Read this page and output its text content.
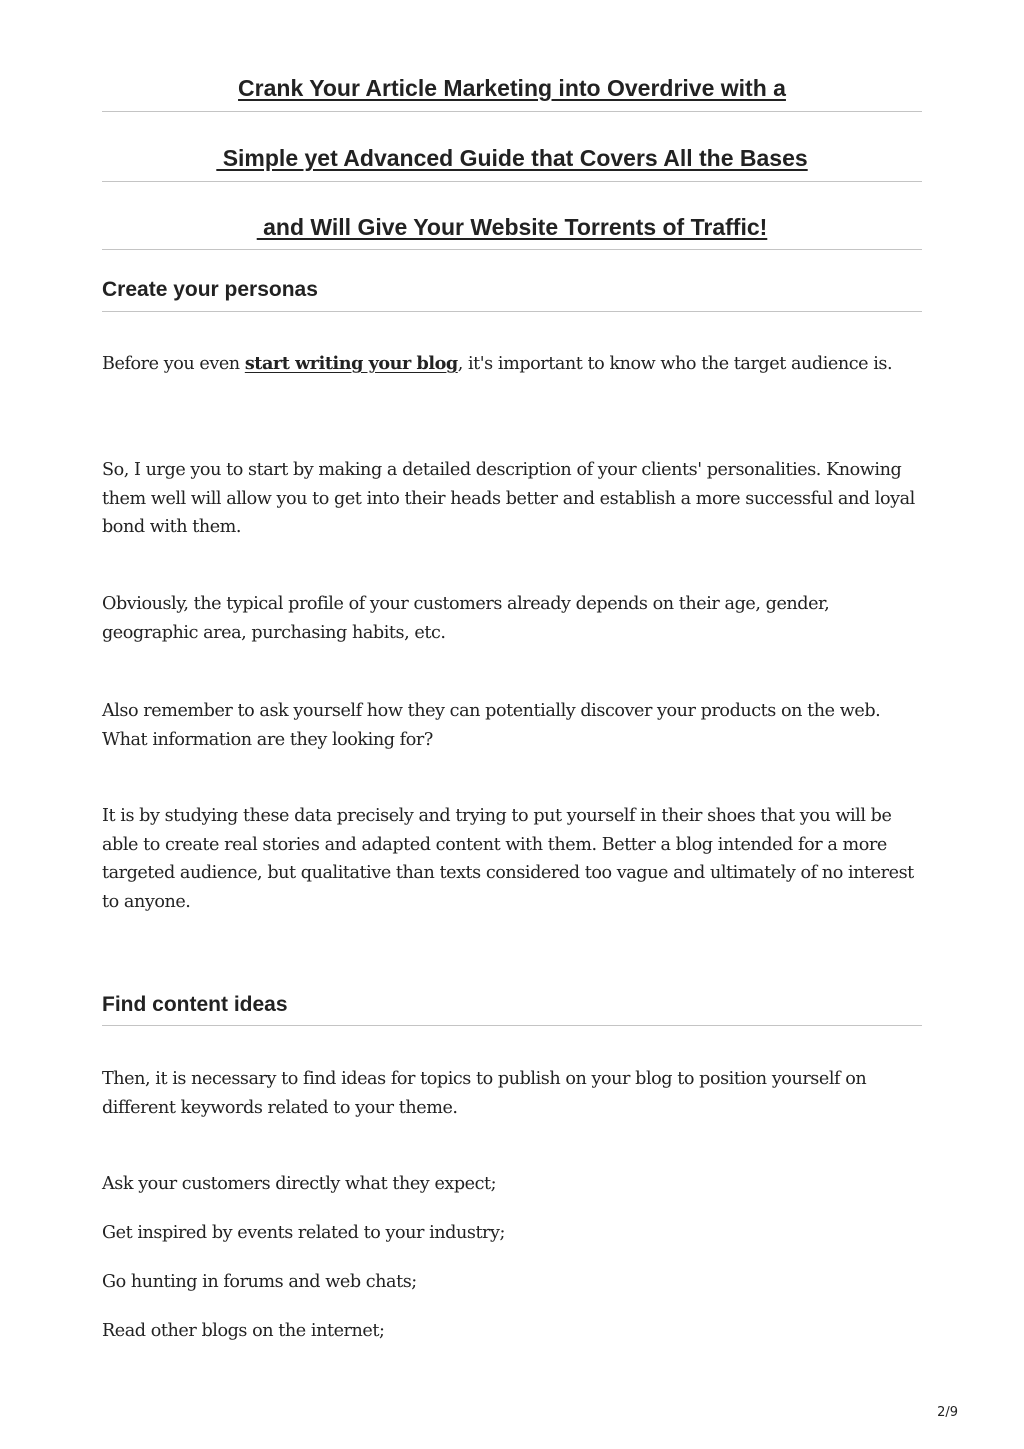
Crank Your Article Marketing into Overdrive with a
Simple yet Advanced Guide that Covers All the Bases
and Will Give Your Website Torrents of Traffic!
Create your personas

Before you even start writing your blog, it's important to know who the target audience is.

So, I urge you to start by making a detailed description of your clients' personalities. Knowing them well will allow you to get into their heads better and establish a more successful and loyal bond with them.

Obviously, the typical profile of your customers already depends on their age, gender, geographic area, purchasing habits, etc.

Also remember to ask yourself how they can potentially discover your products on the web. What information are they looking for?

It is by studying these data precisely and trying to put yourself in their shoes that you will be able to create real stories and adapted content with them. Better a blog intended for a more targeted audience, but qualitative than texts considered too vague and ultimately of no interest to anyone.

Find content ideas

Then, it is necessary to find ideas for topics to publish on your blog to position yourself on different keywords related to your theme.

Ask your customers directly what they expect;

Get inspired by events related to your industry;

Go hunting in forums and web chats;

Read other blogs on the internet;

2/9
